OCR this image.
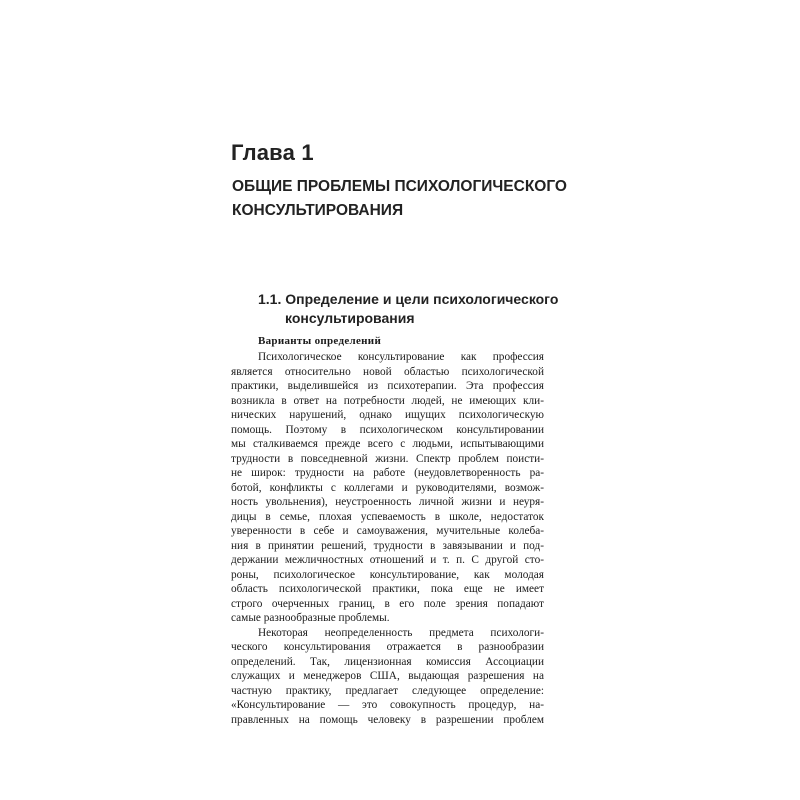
Глава 1
ОБЩИЕ ПРОБЛЕМЫ ПСИХОЛОГИЧЕСКОГО
КОНСУЛЬТИРОВАНИЯ
1.1. Определение и цели психологического
консультирования
Варианты определений
Психологическое консультирование как профессия
является относительно новой областью психологической
практики, выделившейся из психотерапии. Эта профессия
возникла в ответ на потребности людей, не имеющих кли-
нических нарушений, однако ищущих психологическую
помощь. Поэтому в психологическом консультировании
мы сталкиваемся прежде всего с людьми, испытывающими
трудности в повседневной жизни. Спектр проблем поисти-
не широк: трудности на работе (неудовлетворенность ра-
ботой, конфликты с коллегами и руководителями, возмож-
ность увольнения), неустроенность личной жизни и неуря-
дицы в семье, плохая успеваемость в школе, недостаток
уверенности в себе и самоуважения, мучительные колеба-
ния в принятии решений, трудности в завязывании и под-
держании межличностных отношений и т. п. С другой сто-
роны, психологическое консультирование, как молодая
область психологической практики, пока еще не имеет
строго очерченных границ, в его поле зрения попадают
самые разнообразные проблемы.
Некоторая неопределенность предмета психологи-
ческого консультирования отражается в разнообразии
определений. Так, лицензионная комиссия Ассоциации
служащих и менеджеров США, выдающая разрешения на
частную практику, предлагает следующее определение:
«Консультирование — это совокупность процедур, на-
правленных на помощь человеку в разрешении проблем
